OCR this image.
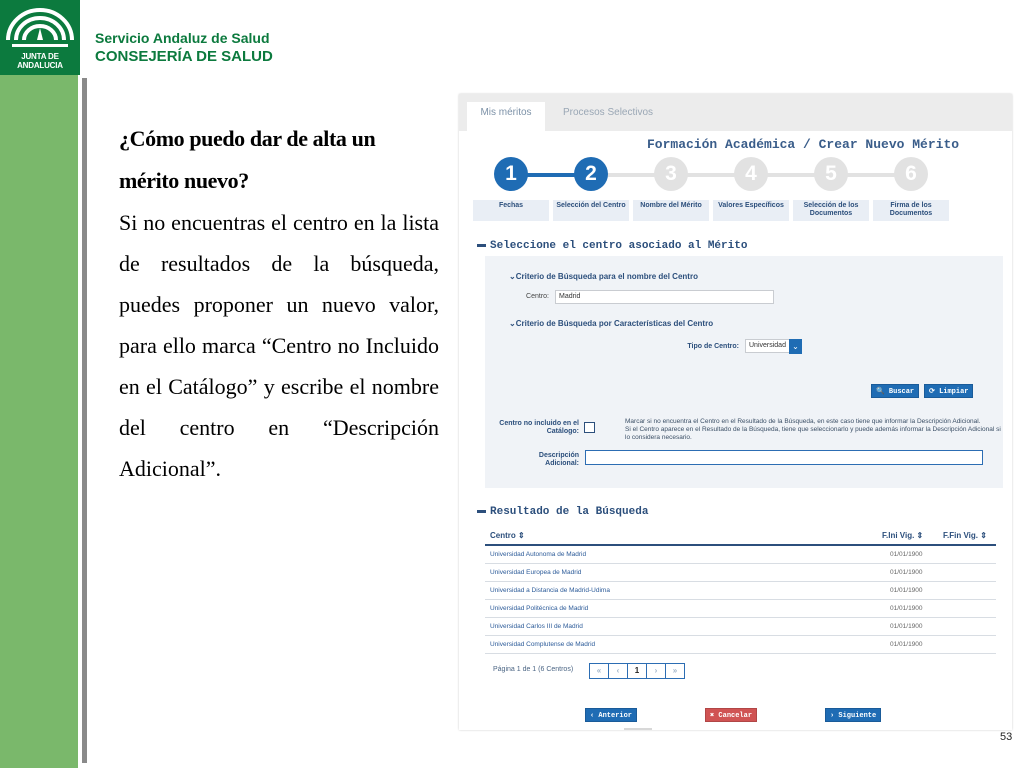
JUNTA DE ANDALUCIA
Servicio Andaluz de Salud
CONSEJERÍA DE SALUD
¿Cómo puedo dar de alta un mérito nuevo?
Si no encuentras el centro en la lista de resultados de la búsqueda, puedes proponer un nuevo valor, para ello marca “Centro no Incluido en el Catálogo” y escribe el nombre del centro en “Descripción Adicional”.
53
Mis méritos	Procesos Selectivos
Formación Académica / Crear Nuevo Mérito
1	2	3	4	5	6
Fechas	Selección del Centro	Nombre del Mérito	Valores Específicos	Selección de los Documentos
Firma de los Documentos
Seleccione el centro asociado al Mérito
⌄Criterio de Búsqueda para el nombre del Centro
Centro:	Madrid
⌄Criterio de Búsqueda por Características del Centro
Tipo de Centro:	Universidad ⌄
🔍 Buscar	⟳ Limpiar
Centro no incluido en el Catálogo:
Marcar si no encuentra el Centro en el Resultado de la Búsqueda, en este caso tiene que informar la Descripción Adicional.
Si el Centro aparece en el Resultado de la Búsqueda, tiene que seleccionarlo y puede además informar la Descripción Adicional si lo considera necesario.
Descripción Adicional:
Resultado de la Búsqueda
Centro ⇕	F.Ini Vig. ⇕ F.Fin Vig. ⇕
Universidad Autonoma de Madrid	01/01/1900
Universidad Europea de Madrid	01/01/1900
Universidad a Distancia de Madrid-Udima	01/01/1900
Universidad Politécnica de Madrid	01/01/1900
Universidad Carlos III de Madrid	01/01/1900
Universidad Complutense de Madrid	01/01/1900
Página 1 de 1 (6 Centros)	«	‹	1	›	»
‹ Anterior	✖ Cancelar	› Siguiente
